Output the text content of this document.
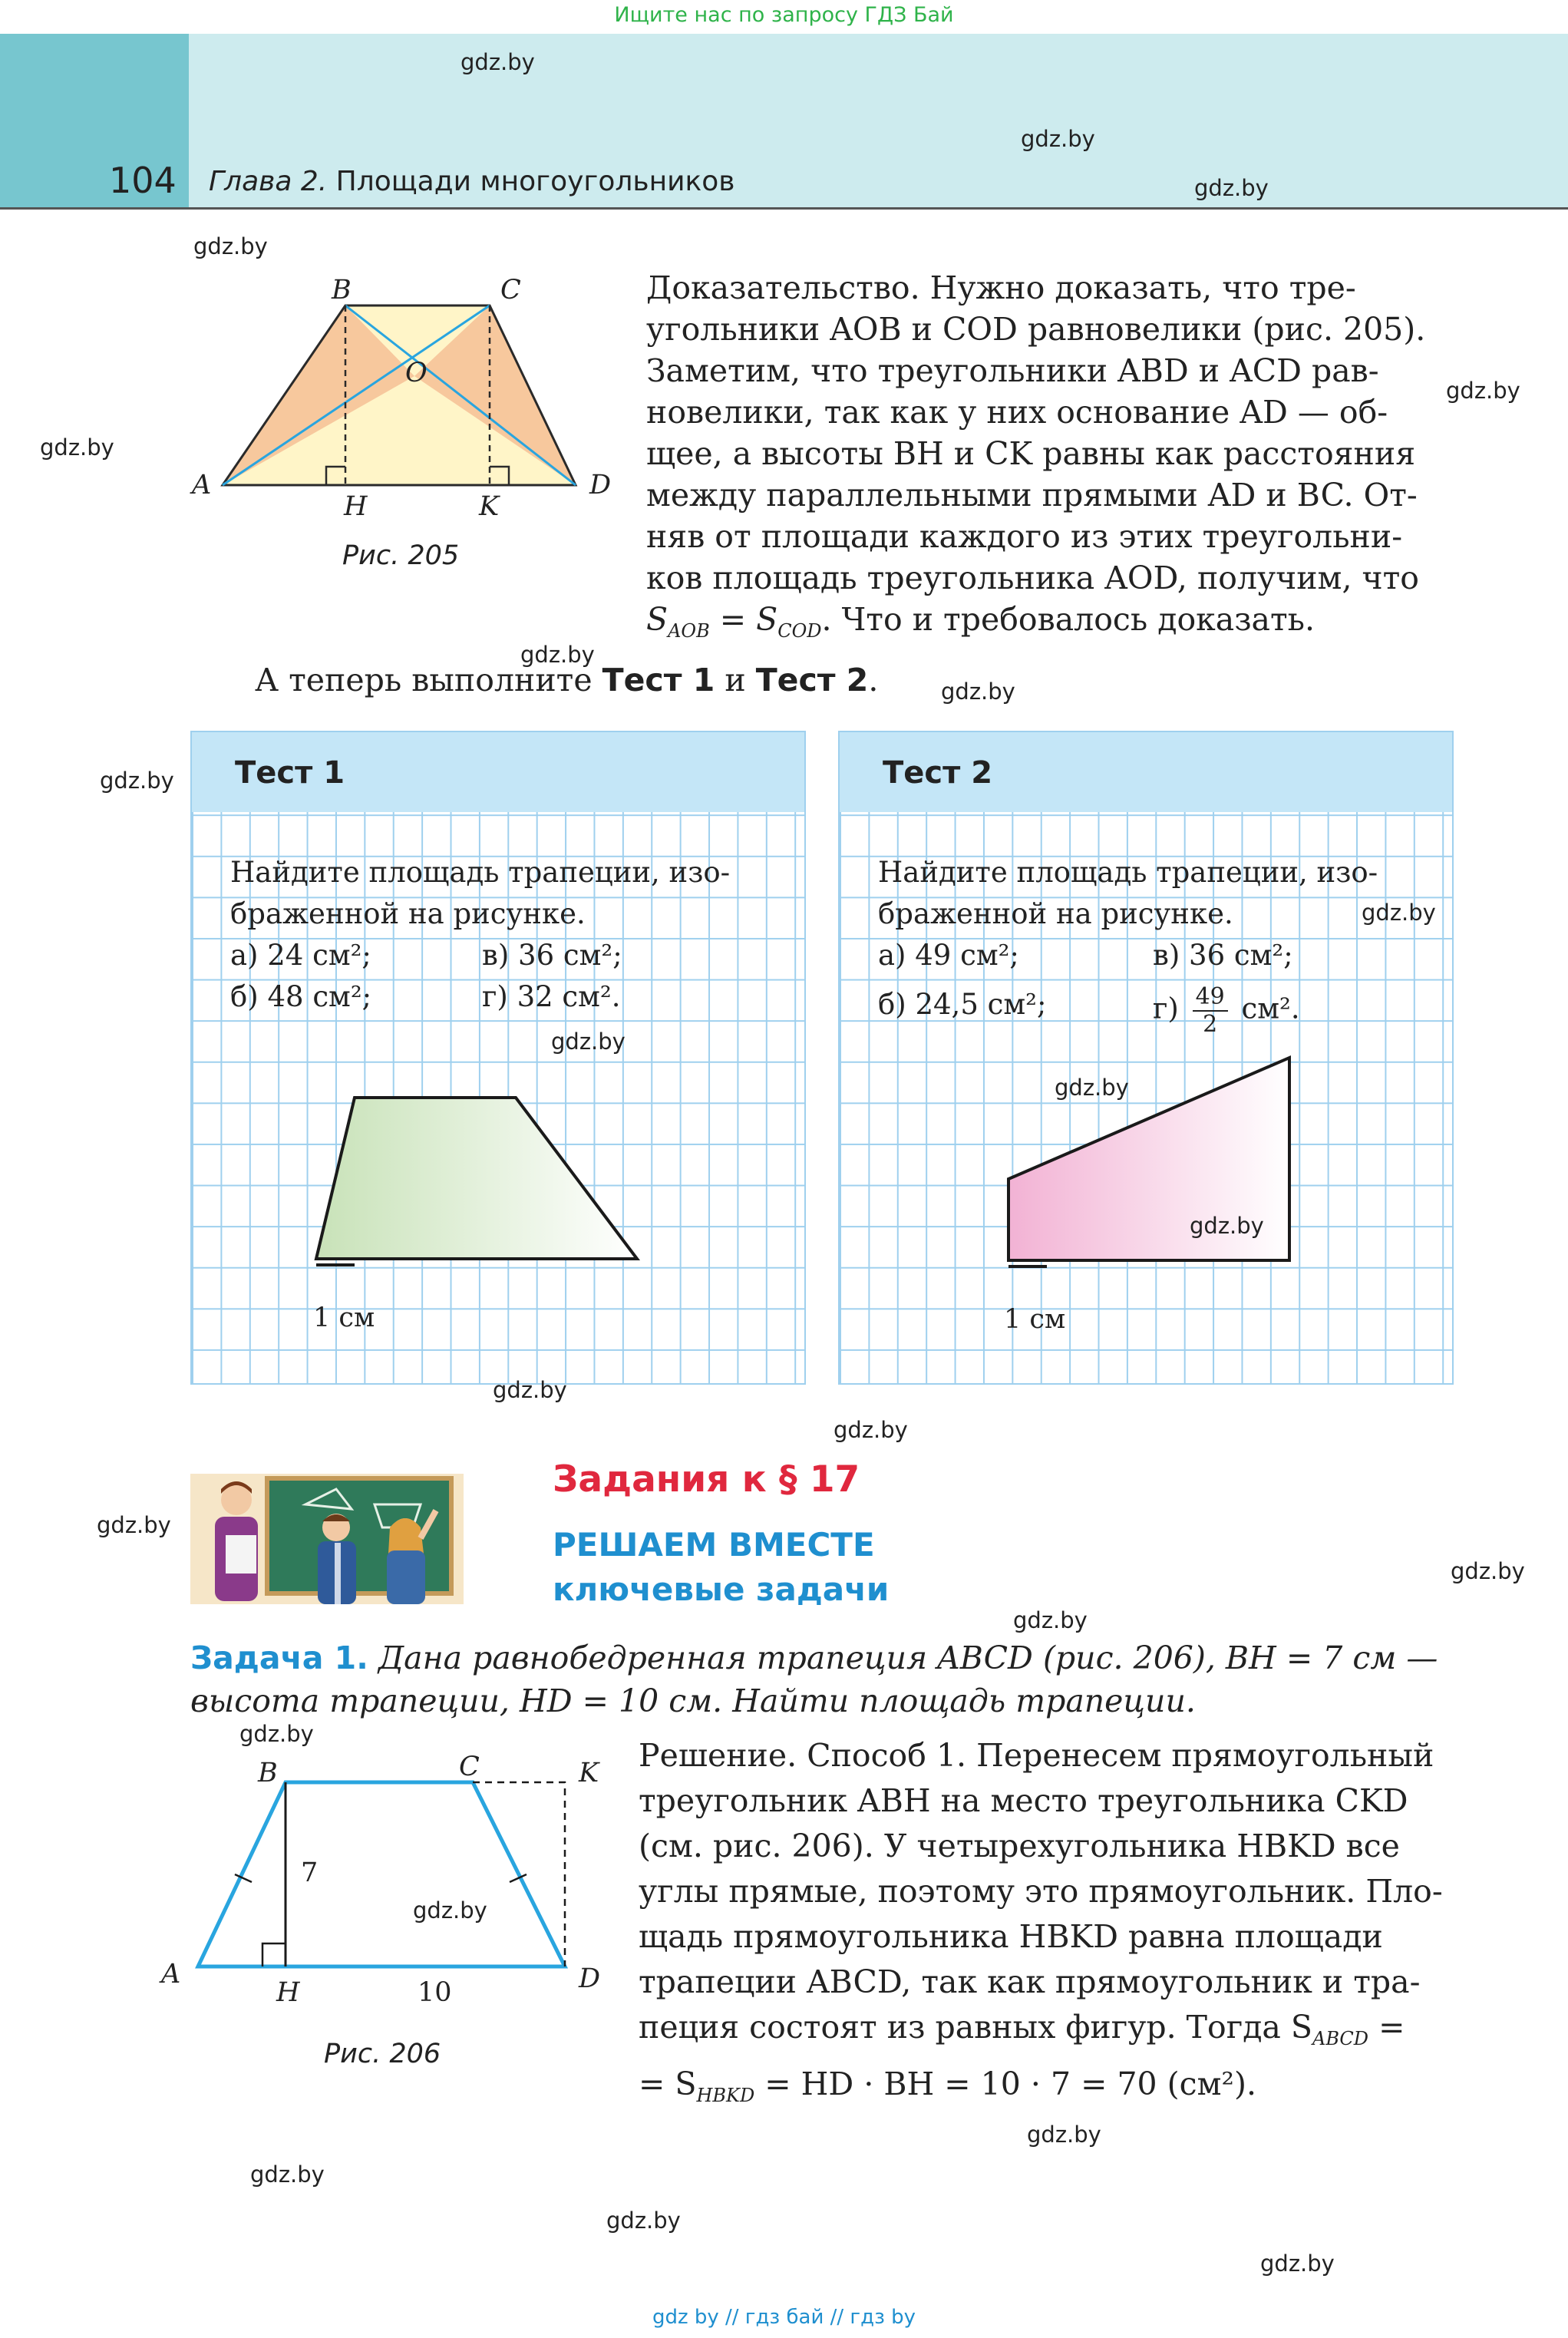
Ищите нас по запросу ГДЗ Бай
104 Глава 2. Площади многоугольников
B	C
O
A	D
H	K
Рис. 205
Доказательство. Нужно доказать, что тре-
угольники AOB и COD равновелики (рис. 205).
Заметим, что треугольники ABD и ACD рав-
новелики, так как у них основание AD — об-
щее, а высоты BH и CK равны как расстояния
между параллельными прямыми AD и BC. От-
няв от площади каждого из этих треугольни-
ков площадь треугольника AOD, получим, что
$S_{AOB} = S_{COD}$. Что и требовалось доказать.
А теперь выполните Тест 1 и Тест 2.
Тест 1
Найдите площадь трапеции, изо-
браженной на рисунке.
а) 24 см²;	в) 36 см²;
б) 48 см²;	г) 32 см².
1 см
Тест 2
Найдите площадь трапеции, изо-
браженной на рисунке.
а) 49 см²;	в) 36 см²;
б) 24,5 см²;	$г) \frac{49}{2} см^2$.
1 см
Задания к § 17
РЕШАЕМ ВМЕСТЕ
ключевые задачи
Задача 1. Дана равнобедренная трапеция ABCD (рис. 206), BH = 7 см —
высота трапеции, HD = 10 см. Найти площадь трапеции.
B	C	K
A
H	D
7
10
Рис. 206
Решение. Способ 1. Перенесем прямоугольный
треугольник ABH на место треугольника CKD
(см. рис. 206). У четырехугольника HBKD все
углы прямые, поэтому это прямоугольник. Пло-
щадь прямоугольника HBKD равна площади
трапеции ABCD, так как прямоугольник и тра-
пеция состоят из равных фигур. Тогда $S_{ABCD}$ =
= $S_{HBKD}$ = HD · BH = 10 · 7 = 70 (см²).
gdz.by
gdz.by
gdz.by
gdz.by
gdz.by
gdz.by
gdz.by
gdz.by
gdz.by
gdz.by
gdz.by
gdz.by
gdz.by
gdz.by
gdz.by
gdz.by
gdz.by
gdz.by
gdz.by
gdz.by
gdz.by
gdz.by
gdz.by
gdz.by
gdz by // гдз бай // гдз by
